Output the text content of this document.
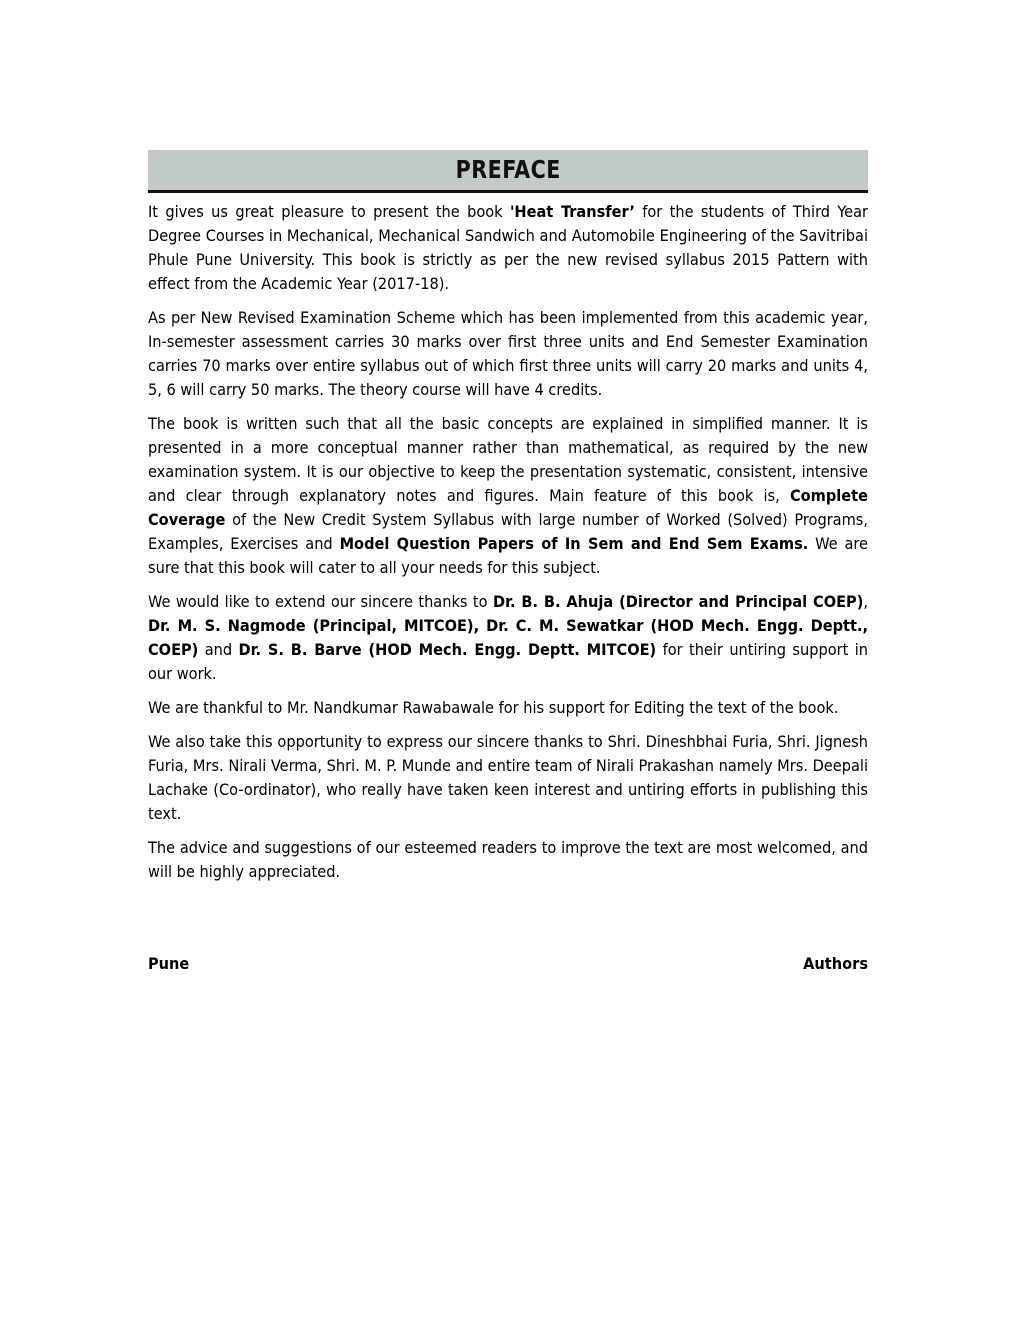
PREFACE

It gives us great pleasure to present the book 'Heat Transfer’ for the students of Third Year Degree Courses in Mechanical, Mechanical Sandwich and Automobile Engineering of the Savitribai Phule Pune University. This book is strictly as per the new revised syllabus 2015 Pattern with effect from the Academic Year (2017-18).

As per New Revised Examination Scheme which has been implemented from this academic year, In-semester assessment carries 30 marks over first three units and End Semester Examination carries 70 marks over entire syllabus out of which first three units will carry 20 marks and units 4, 5, 6 will carry 50 marks. The theory course will have 4 credits.

The book is written such that all the basic concepts are explained in simplified manner. It is presented in a more conceptual manner rather than mathematical, as required by the new examination system. It is our objective to keep the presentation systematic, consistent, intensive and clear through explanatory notes and figures. Main feature of this book is, Complete Coverage of the New Credit System Syllabus with large number of Worked (Solved) Programs, Examples, Exercises and Model Question Papers of In Sem and End Sem Exams. We are sure that this book will cater to all your needs for this subject.

We would like to extend our sincere thanks to Dr. B. B. Ahuja (Director and Principal COEP), Dr. M. S. Nagmode (Principal, MITCOE), Dr. C. M. Sewatkar (HOD Mech. Engg. Deptt., COEP) and Dr. S. B. Barve (HOD Mech. Engg. Deptt. MITCOE) for their untiring support in our work.

We are thankful to Mr. Nandkumar Rawabawale for his support for Editing the text of the book.

We also take this opportunity to express our sincere thanks to Shri. Dineshbhai Furia, Shri. Jignesh Furia, Mrs. Nirali Verma, Shri. M. P. Munde and entire team of Nirali Prakashan namely Mrs. Deepali Lachake (Co-ordinator), who really have taken keen interest and untiring efforts in publishing this text.

The advice and suggestions of our esteemed readers to improve the text are most welcomed, and will be highly appreciated.

Pune	Authors
